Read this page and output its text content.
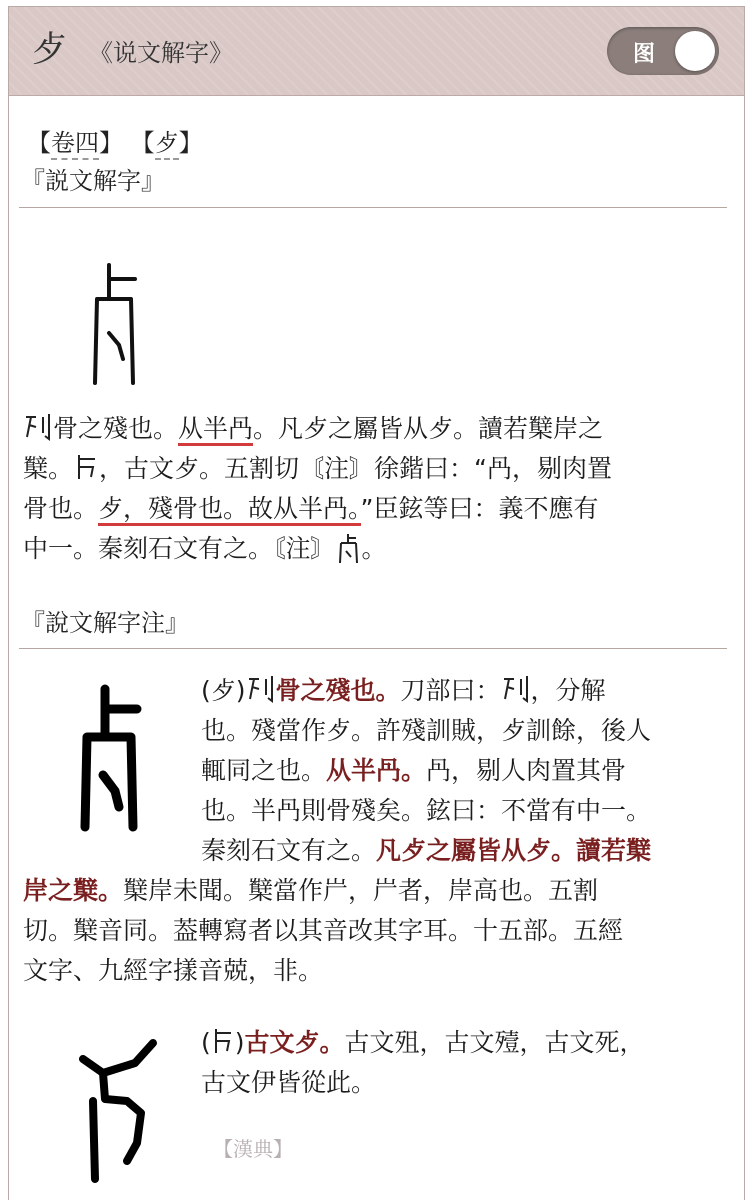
歺 《说文解字》	图
【卷四】 【歺】
『説文解字』
骨之殘也。从半冎。凡歺之屬皆从歺。讀若櫱岸之
櫱。 ，古文歺。五割切〘注〙徐鍇曰：“冎，剔肉置
骨也。歺，殘骨也。故从半冎。”臣鉉等曰：義不應有
中一。秦刻石文有之。〘注〙 。
『說文解字注』
(歺) 骨之殘也。刀部曰： ，分解
也。殘當作歺。許殘訓賊，歺訓餘，後人
輒同之也。从半冎。冎，剔人肉置其骨
也。半冎則骨殘矣。鉉曰：不當有中一。
秦刻石文有之。凡歺之屬皆从歺。讀若櫱
岸之櫱。櫱岸未聞。櫱當作屵，屵者，岸高也。五割
切。櫱音同。葢轉寫者以其音改其字耳。十五部。五經
文字、九經字㨾音兢，非。
( )古文歺。古文殂，古文殪，古文死，
古文伊皆從此。
【漢典】
